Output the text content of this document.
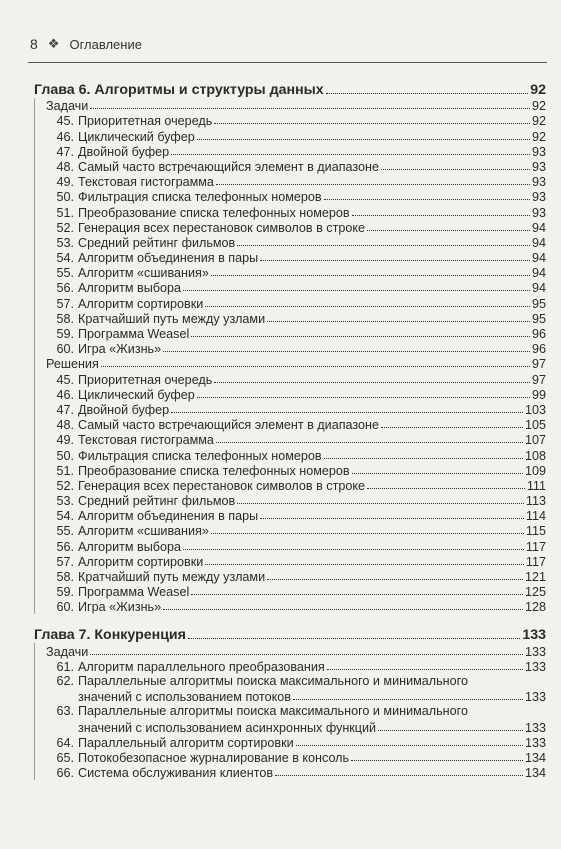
8 ❖ Оглавление
Глава 6. Алгоритмы и структуры данных	92
Задачи	92
45. Приоритетная очередь	92
46. Циклический буфер	92
47. Двойной буфер	93
48. Самый часто встречающийся элемент в диапазоне	93
49. Текстовая гистограмма	93
50. Фильтрация списка телефонных номеров	93
51. Преобразование списка телефонных номеров	93
52. Генерация всех перестановок символов в строке	94
53. Средний рейтинг фильмов	94
54. Алгоритм объединения в пары	94
55. Алгоритм «сшивания»	94
56. Алгоритм выбора	94
57. Алгоритм сортировки	95
58. Кратчайший путь между узлами	95
59. Программа Weasel	96
60. Игра «Жизнь»	96
Решения	97
45. Приоритетная очередь	97
46. Циклический буфер	99
47. Двойной буфер	103
48. Самый часто встречающийся элемент в диапазоне	105
49. Текстовая гистограмма	107
50. Фильтрация списка телефонных номеров	108
51. Преобразование списка телефонных номеров	109
52. Генерация всех перестановок символов в строке	111
53. Средний рейтинг фильмов	113
54. Алгоритм объединения в пары	114
55. Алгоритм «сшивания»	115
56. Алгоритм выбора	117
57. Алгоритм сортировки	117
58. Кратчайший путь между узлами	121
59. Программа Weasel	125
60. Игра «Жизнь»	128
Глава 7. Конкуренция	133
Задачи	133
61. Алгоритм параллельного преобразования	133
62. Параллельные алгоритмы поиска максимального и минимального
значений с использованием потоков	133
63. Параллельные алгоритмы поиска максимального и минимального
значений с использованием асинхронных функций	133
64. Параллельный алгоритм сортировки	133
65. Потокобезопасное журналирование в консоль	134
66. Система обслуживания клиентов	134
